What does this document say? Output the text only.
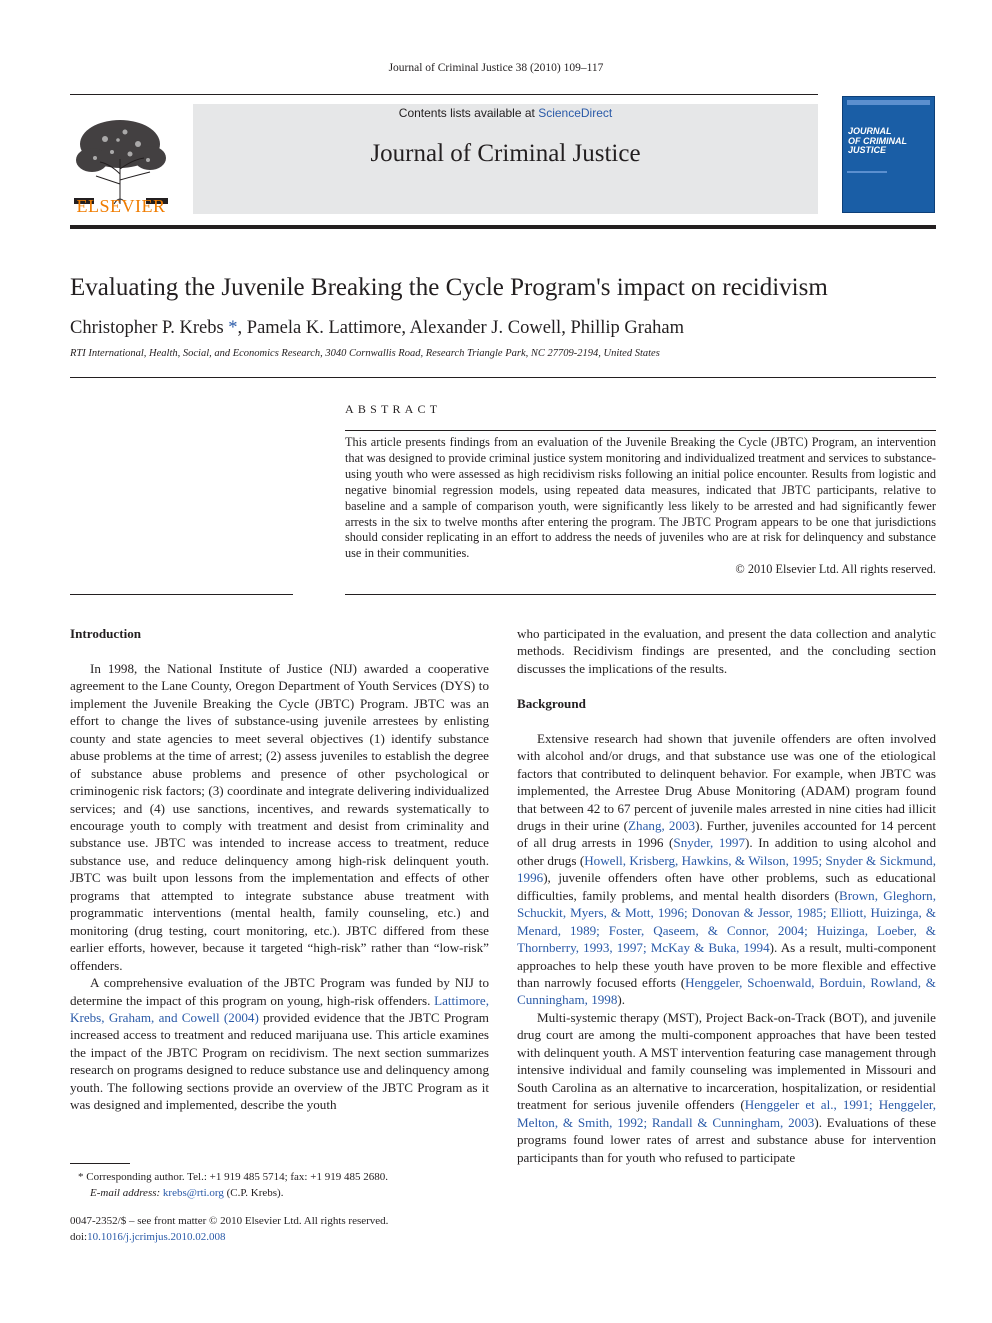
Journal of Criminal Justice 38 (2010) 109–117
ELSEVIER
Contents lists available at ScienceDirect
Journal of Criminal Justice
JOURNAL
OF CRIMINAL
JUSTICE
Evaluating the Juvenile Breaking the Cycle Program's impact on recidivism
Christopher P. Krebs *, Pamela K. Lattimore, Alexander J. Cowell, Phillip Graham
RTI International, Health, Social, and Economics Research, 3040 Cornwallis Road, Research Triangle Park, NC 27709-2194, United States
ABSTRACT
This article presents findings from an evaluation of the Juvenile Breaking the Cycle (JBTC) Program, an intervention that was designed to provide criminal justice system monitoring and individualized treatment and services to substance-using youth who were assessed as high recidivism risks following an initial police encounter. Results from logistic and negative binomial regression models, using repeated data measures, indicated that JBTC participants, relative to baseline and a sample of comparison youth, were significantly less likely to be arrested and had significantly fewer arrests in the six to twelve months after entering the program. The JBTC Program appears to be one that jurisdictions should consider replicating in an effort to address the needs of juveniles who are at risk for delinquency and substance use in their communities.
© 2010 Elsevier Ltd. All rights reserved.
Introduction

In 1998, the National Institute of Justice (NIJ) awarded a cooperative agreement to the Lane County, Oregon Department of Youth Services (DYS) to implement the Juvenile Breaking the Cycle (JBTC) Program. JBTC was an effort to change the lives of substance-using juvenile arrestees by enlisting county and state agencies to meet several objectives (1) identify substance abuse problems at the time of arrest; (2) assess juveniles to establish the degree of substance abuse problems and presence of other psychological or criminogenic risk factors; (3) coordinate and integrate delivering individualized services; and (4) use sanctions, incentives, and rewards systematically to encourage youth to comply with treatment and desist from criminality and substance use. JBTC was intended to increase access to treatment, reduce substance use, and reduce delinquency among high-risk delinquent youth. JBTC was built upon lessons from the implementation and effects of other programs that attempted to integrate substance abuse treatment with programmatic interventions (mental health, family counseling, etc.) and monitoring (drug testing, court monitoring, etc.). JBTC differed from these earlier efforts, however, because it targeted “high-risk” rather than “low-risk” offenders.

A comprehensive evaluation of the JBTC Program was funded by NIJ to determine the impact of this program on young, high-risk offenders. Lattimore, Krebs, Graham, and Cowell (2004) provided evidence that the JBTC Program increased access to treatment and reduced marijuana use. This article examines the impact of the JBTC Program on recidivism. The next section summarizes research on programs designed to reduce substance use and delinquency among youth. The following sections provide an overview of the JBTC Program as it was designed and implemented, describe the youth

who participated in the evaluation, and present the data collection and analytic methods. Recidivism findings are presented, and the concluding section discusses the implications of the results.

Background

Extensive research had shown that juvenile offenders are often involved with alcohol and/or drugs, and that substance use was one of the etiological factors that contributed to delinquent behavior. For example, when JBTC was implemented, the Arrestee Drug Abuse Monitoring (ADAM) program found that between 42 to 67 percent of juvenile males arrested in nine cities had illicit drugs in their urine (Zhang, 2003). Further, juveniles accounted for 14 percent of all drug arrests in 1996 (Snyder, 1997). In addition to using alcohol and other drugs (Howell, Krisberg, Hawkins, & Wilson, 1995; Snyder & Sickmund, 1996), juvenile offenders often have other problems, such as educational difficulties, family problems, and mental health disorders (Brown, Gleghorn, Schuckit, Myers, & Mott, 1996; Donovan & Jessor, 1985; Elliott, Huizinga, & Menard, 1989; Foster, Qaseem, & Connor, 2004; Huizinga, Loeber, & Thornberry, 1993, 1997; McKay & Buka, 1994). As a result, multi-component approaches to help these youth have proven to be more flexible and effective than narrowly focused efforts (Henggeler, Schoenwald, Borduin, Rowland, & Cunningham, 1998).

Multi-systemic therapy (MST), Project Back-on-Track (BOT), and juvenile drug court are among the multi-component approaches that have been tested with delinquent youth. A MST intervention featuring case management through intensive individual and family counseling was implemented in Missouri and South Carolina as an alternative to incarceration, hospitalization, or residential treatment for serious juvenile offenders (Henggeler et al., 1991; Henggeler, Melton, & Smith, 1992; Randall & Cunningham, 2003). Evaluations of these programs found lower rates of arrest and substance abuse for intervention participants than for youth who refused to participate

* Corresponding author. Tel.: +1 919 485 5714; fax: +1 919 485 2680.
E-mail address: krebs@rti.org (C.P. Krebs).
0047-2352/$ – see front matter © 2010 Elsevier Ltd. All rights reserved.
doi:10.1016/j.jcrimjus.2010.02.008
